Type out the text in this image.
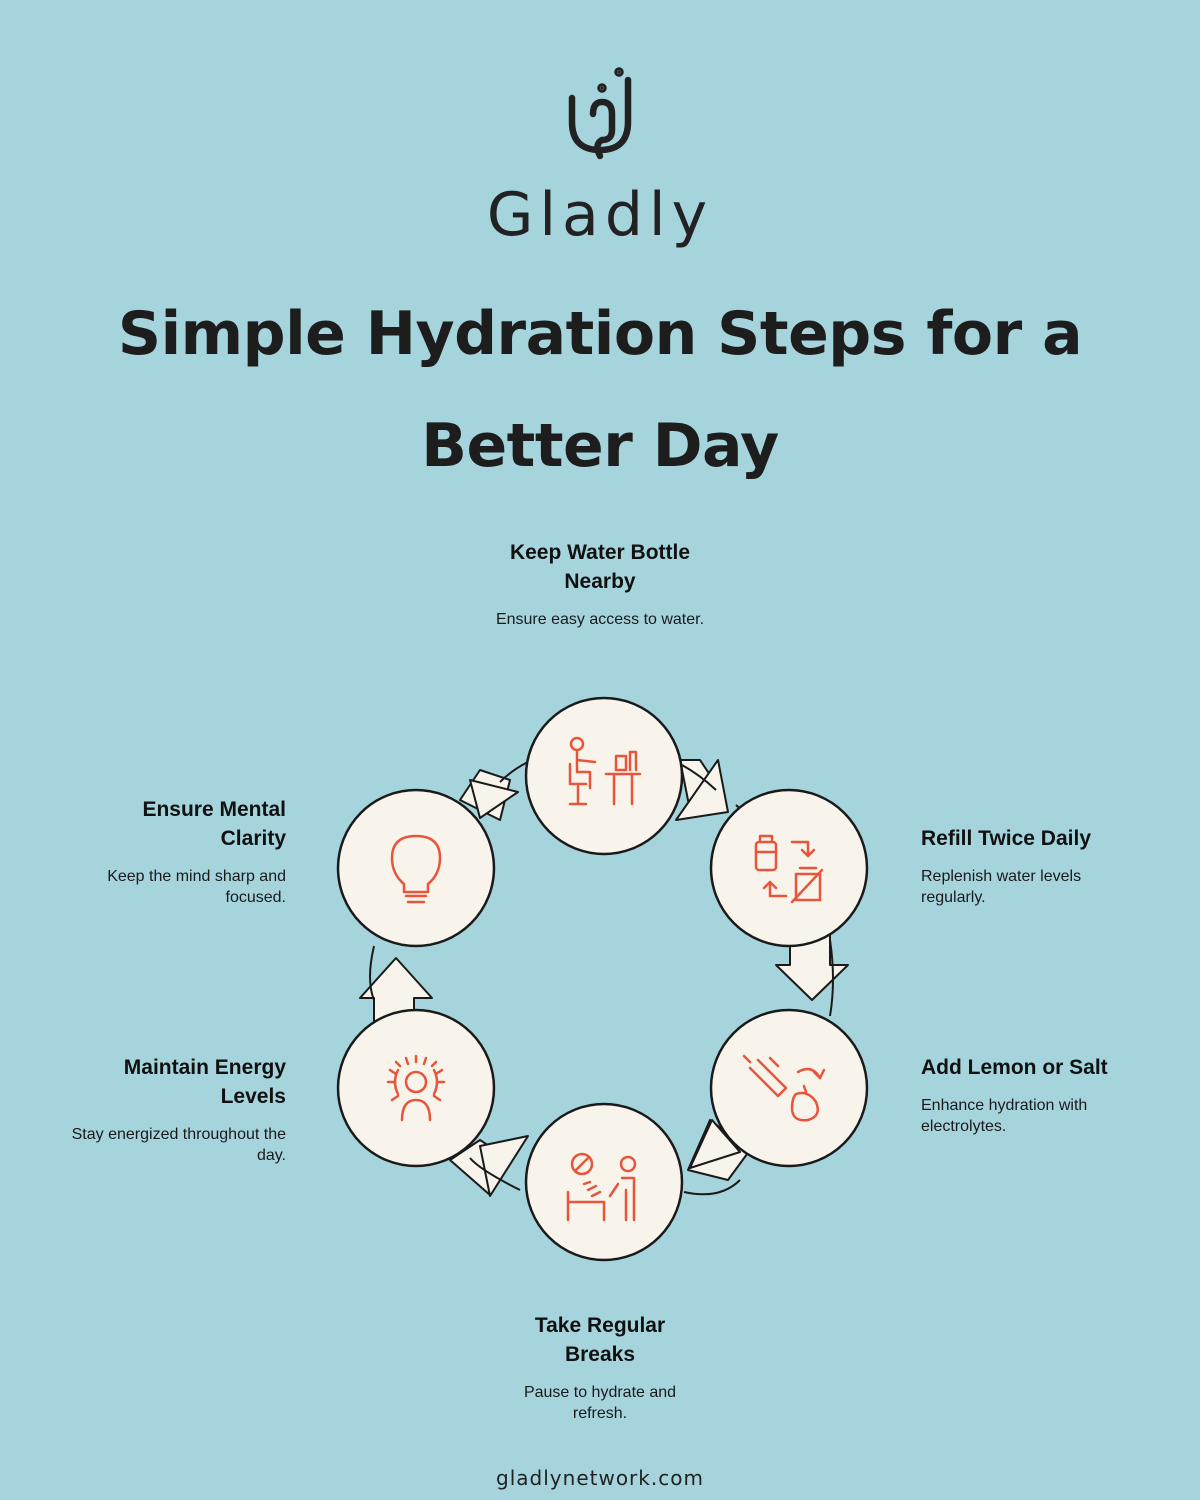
Gladly
Simple Hydration Steps for a Better Day
Keep Water Bottle Nearby
Ensure easy access to water.
Refill Twice Daily
Replenish water levels regularly.
Add Lemon or Salt
Enhance hydration with electrolytes.
Take Regular Breaks
Pause to hydrate and refresh.
Maintain Energy Levels
Stay energized throughout the day.
Ensure Mental Clarity
Keep the mind sharp and focused.
gladlynetwork.com
